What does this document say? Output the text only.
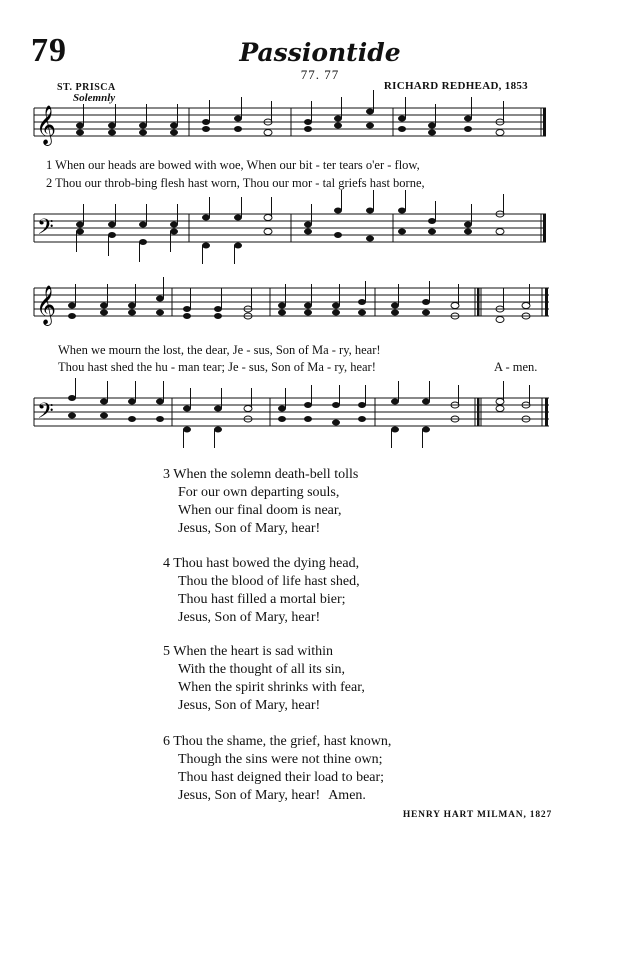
79	Passiontide
77. 77
ST. PRISCA
Solemnly
RICHARD REDHEAD, 1853
𝄞
1 When our heads are bowed with woe, When our bit - ter tears o'er - flow,
2 Thou our throb-bing flesh hast worn, Thou our mor - tal griefs hast borne,
𝄢
𝄞
When we mourn the lost, the dear, Je - sus, Son of Ma - ry, hear!
Thou hast shed the hu - man tear; Je - sus, Son of Ma - ry, hear!	A - men.
𝄢
3 When the solemn death-bell tolls
For our own departing souls,
When our final doom is near,
Jesus, Son of Mary, hear!
4 Thou hast bowed the dying head,
Thou the blood of life hast shed,
Thou hast filled a mortal bier;
Jesus, Son of Mary, hear!
5 When the heart is sad within
With the thought of all its sin,
When the spirit shrinks with fear,
Jesus, Son of Mary, hear!
6 Thou the shame, the grief, hast known,
Though the sins were not thine own;
Thou hast deigned their load to bear;
Jesus, Son of Mary, hear! Amen.
HENRY HART MILMAN, 1827
